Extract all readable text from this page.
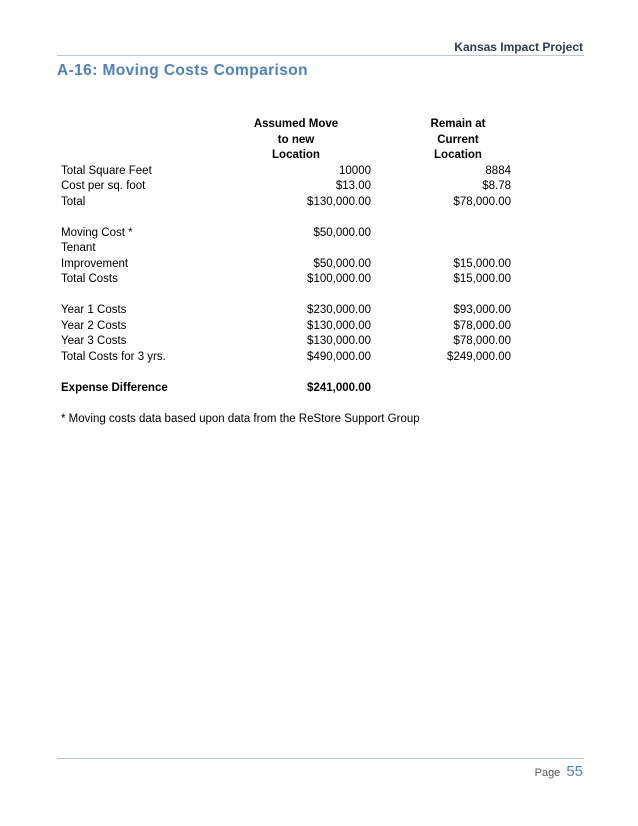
Kansas Impact Project
A-16: Moving Costs Comparison
	Assumed Move	Remain at
	to new	Current
	Location	Location
Total Square Feet	10000	8884
Cost per sq. foot	$13.00	$8.78
Total	$130,000.00	$78,000.00

Moving Cost *	$50,000.00	
Tenant		
Improvement	$50,000.00	$15,000.00
Total Costs	$100,000.00	$15,000.00

Year 1 Costs	$230,000.00	$93,000.00
Year 2 Costs	$130,000.00	$78,000.00
Year 3 Costs	$130,000.00	$78,000.00
Total Costs for 3 yrs.	$490,000.00	$249,000.00

Expense Difference	$241,000.00	
* Moving costs data based upon data from the ReStore Support Group
Page 55
